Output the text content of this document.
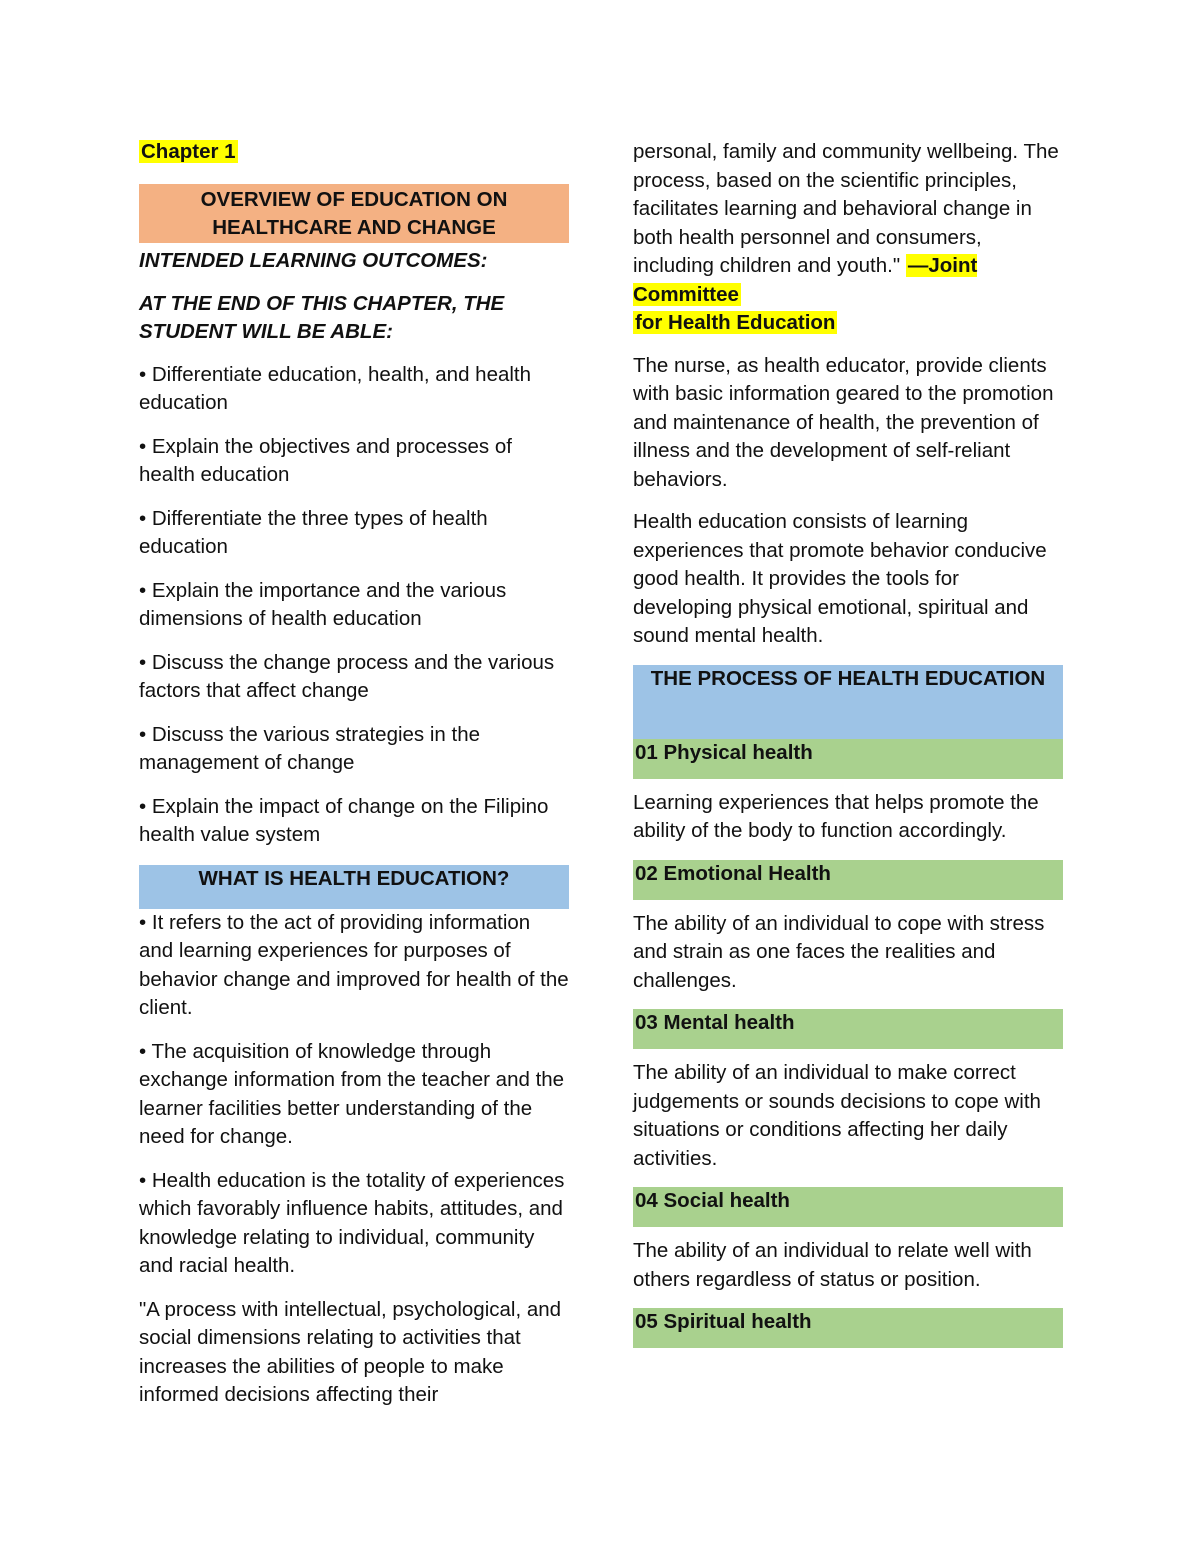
Chapter 1
OVERVIEW OF EDUCATION ON HEALTHCARE AND CHANGE

INTENDED LEARNING OUTCOMES:

AT THE END OF THIS CHAPTER, THE STUDENT WILL BE ABLE:

• Differentiate education, health, and health education

• Explain the objectives and processes of health education

• Differentiate the three types of health education

• Explain the importance and the various dimensions of health education

• Discuss the change process and the various factors that affect change

• Discuss the various strategies in the management of change

• Explain the impact of change on the Filipino health value system

WHAT IS HEALTH EDUCATION?

• It refers to the act of providing information and learning experiences for purposes of behavior change and improved for health of the client.

• The acquisition of knowledge through exchange information from the teacher and the learner facilities better understanding of the need for change.

• Health education is the totality of experiences which favorably influence habits, attitudes, and knowledge relating to individual, community and racial health.

"A process with intellectual, psychological, and social dimensions relating to activities that increases the abilities of people to make informed decisions affecting their

personal, family and community wellbeing. The process, based on the scientific principles, facilitates learning and behavioral change in both health personnel and consumers, including children and youth." —Joint Committee
for Health Education

The nurse, as health educator, provide clients with basic information geared to the promotion and maintenance of health, the prevention of illness and the development of self-reliant behaviors.

Health education consists of learning experiences that promote behavior conducive good health. It provides the tools for developing physical emotional, spiritual and sound mental health.

THE PROCESS OF HEALTH EDUCATION
01 Physical health

Learning experiences that helps promote the ability of the body to function accordingly.

02 Emotional Health

The ability of an individual to cope with stress and strain as one faces the realities and challenges.

03 Mental health

The ability of an individual to make correct judgements or sounds decisions to cope with situations or conditions affecting her daily activities.

04 Social health

The ability of an individual to relate well with others regardless of status or position.

05 Spiritual health
